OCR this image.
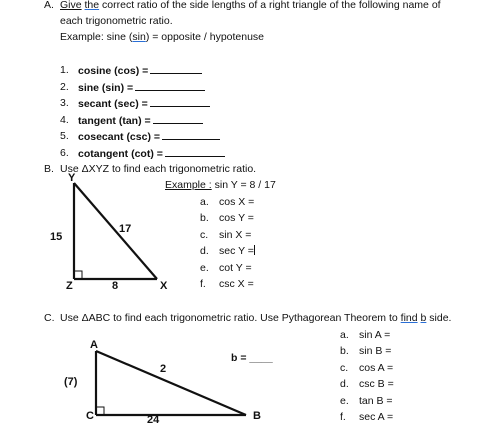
A. Give the correct ratio of the side lengths of a right triangle of the following name of
each trigonometric ratio.
Example: sine (sin) = opposite / hypotenuse
1. cosine (cos) =
2. sine (sin) =
3. secant (sec) =
4. tangent (tan) =
5. cosecant (csc) =
6. cotangent (cot) =
B. Use ΔXYZ to find each trigonometric ratio.
Example : sin Y = 8 / 17
a. cos X =
b. cos Y =
c. sin X =
d. sec Y =
e. cot Y =
f. csc X =
Y
15
17
Z	8	X
C. Use ΔABC to find each trigonometric ratio. Use Pythagorean Theorem to find b side.
b = ____
a. sin A =
b. sin B =
c. cos A =
d. csc B =
e. tan B =
f. sec A =
A
(7)
2
C	24	B
